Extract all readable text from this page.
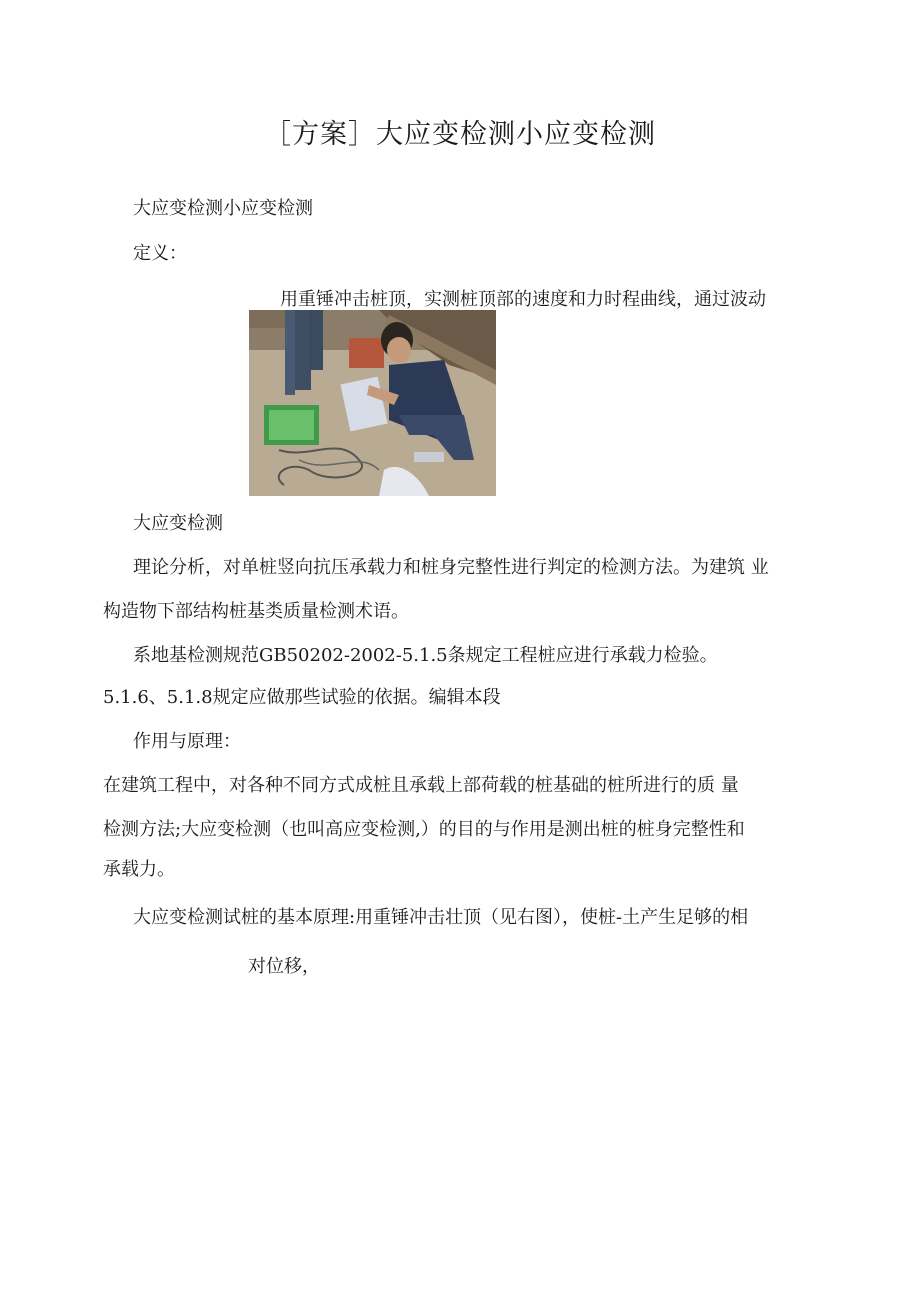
［方案］大应变检测小应变检测
大应变检测小应变检测
定义：
用重锤冲击桩顶，实测桩顶部的速度和力时程曲线，通过波动
大应变检测
理论分析，对单桩竖向抗压承载力和桩身完整性进行判定的检测方法。为建筑 业
构造物下部结构桩基类质量检测术语。
系地基检测规范GB50202-2002-5.1.5条规定工程桩应进行承载力检验。
5.1.6、5.1.8规定应做那些试验的依据。编辑本段
作用与原理：
在建筑工程中，对各种不同方式成桩且承载上部荷载的桩基础的桩所进行的质 量
检测方法;大应变检测（也叫高应变检测,）的目的与作用是测出桩的桩身完整性和
承载力。
大应变检测试桩的基本原理:用重锤冲击壮顶（见右图），使桩-土产生足够的相
对位移，
